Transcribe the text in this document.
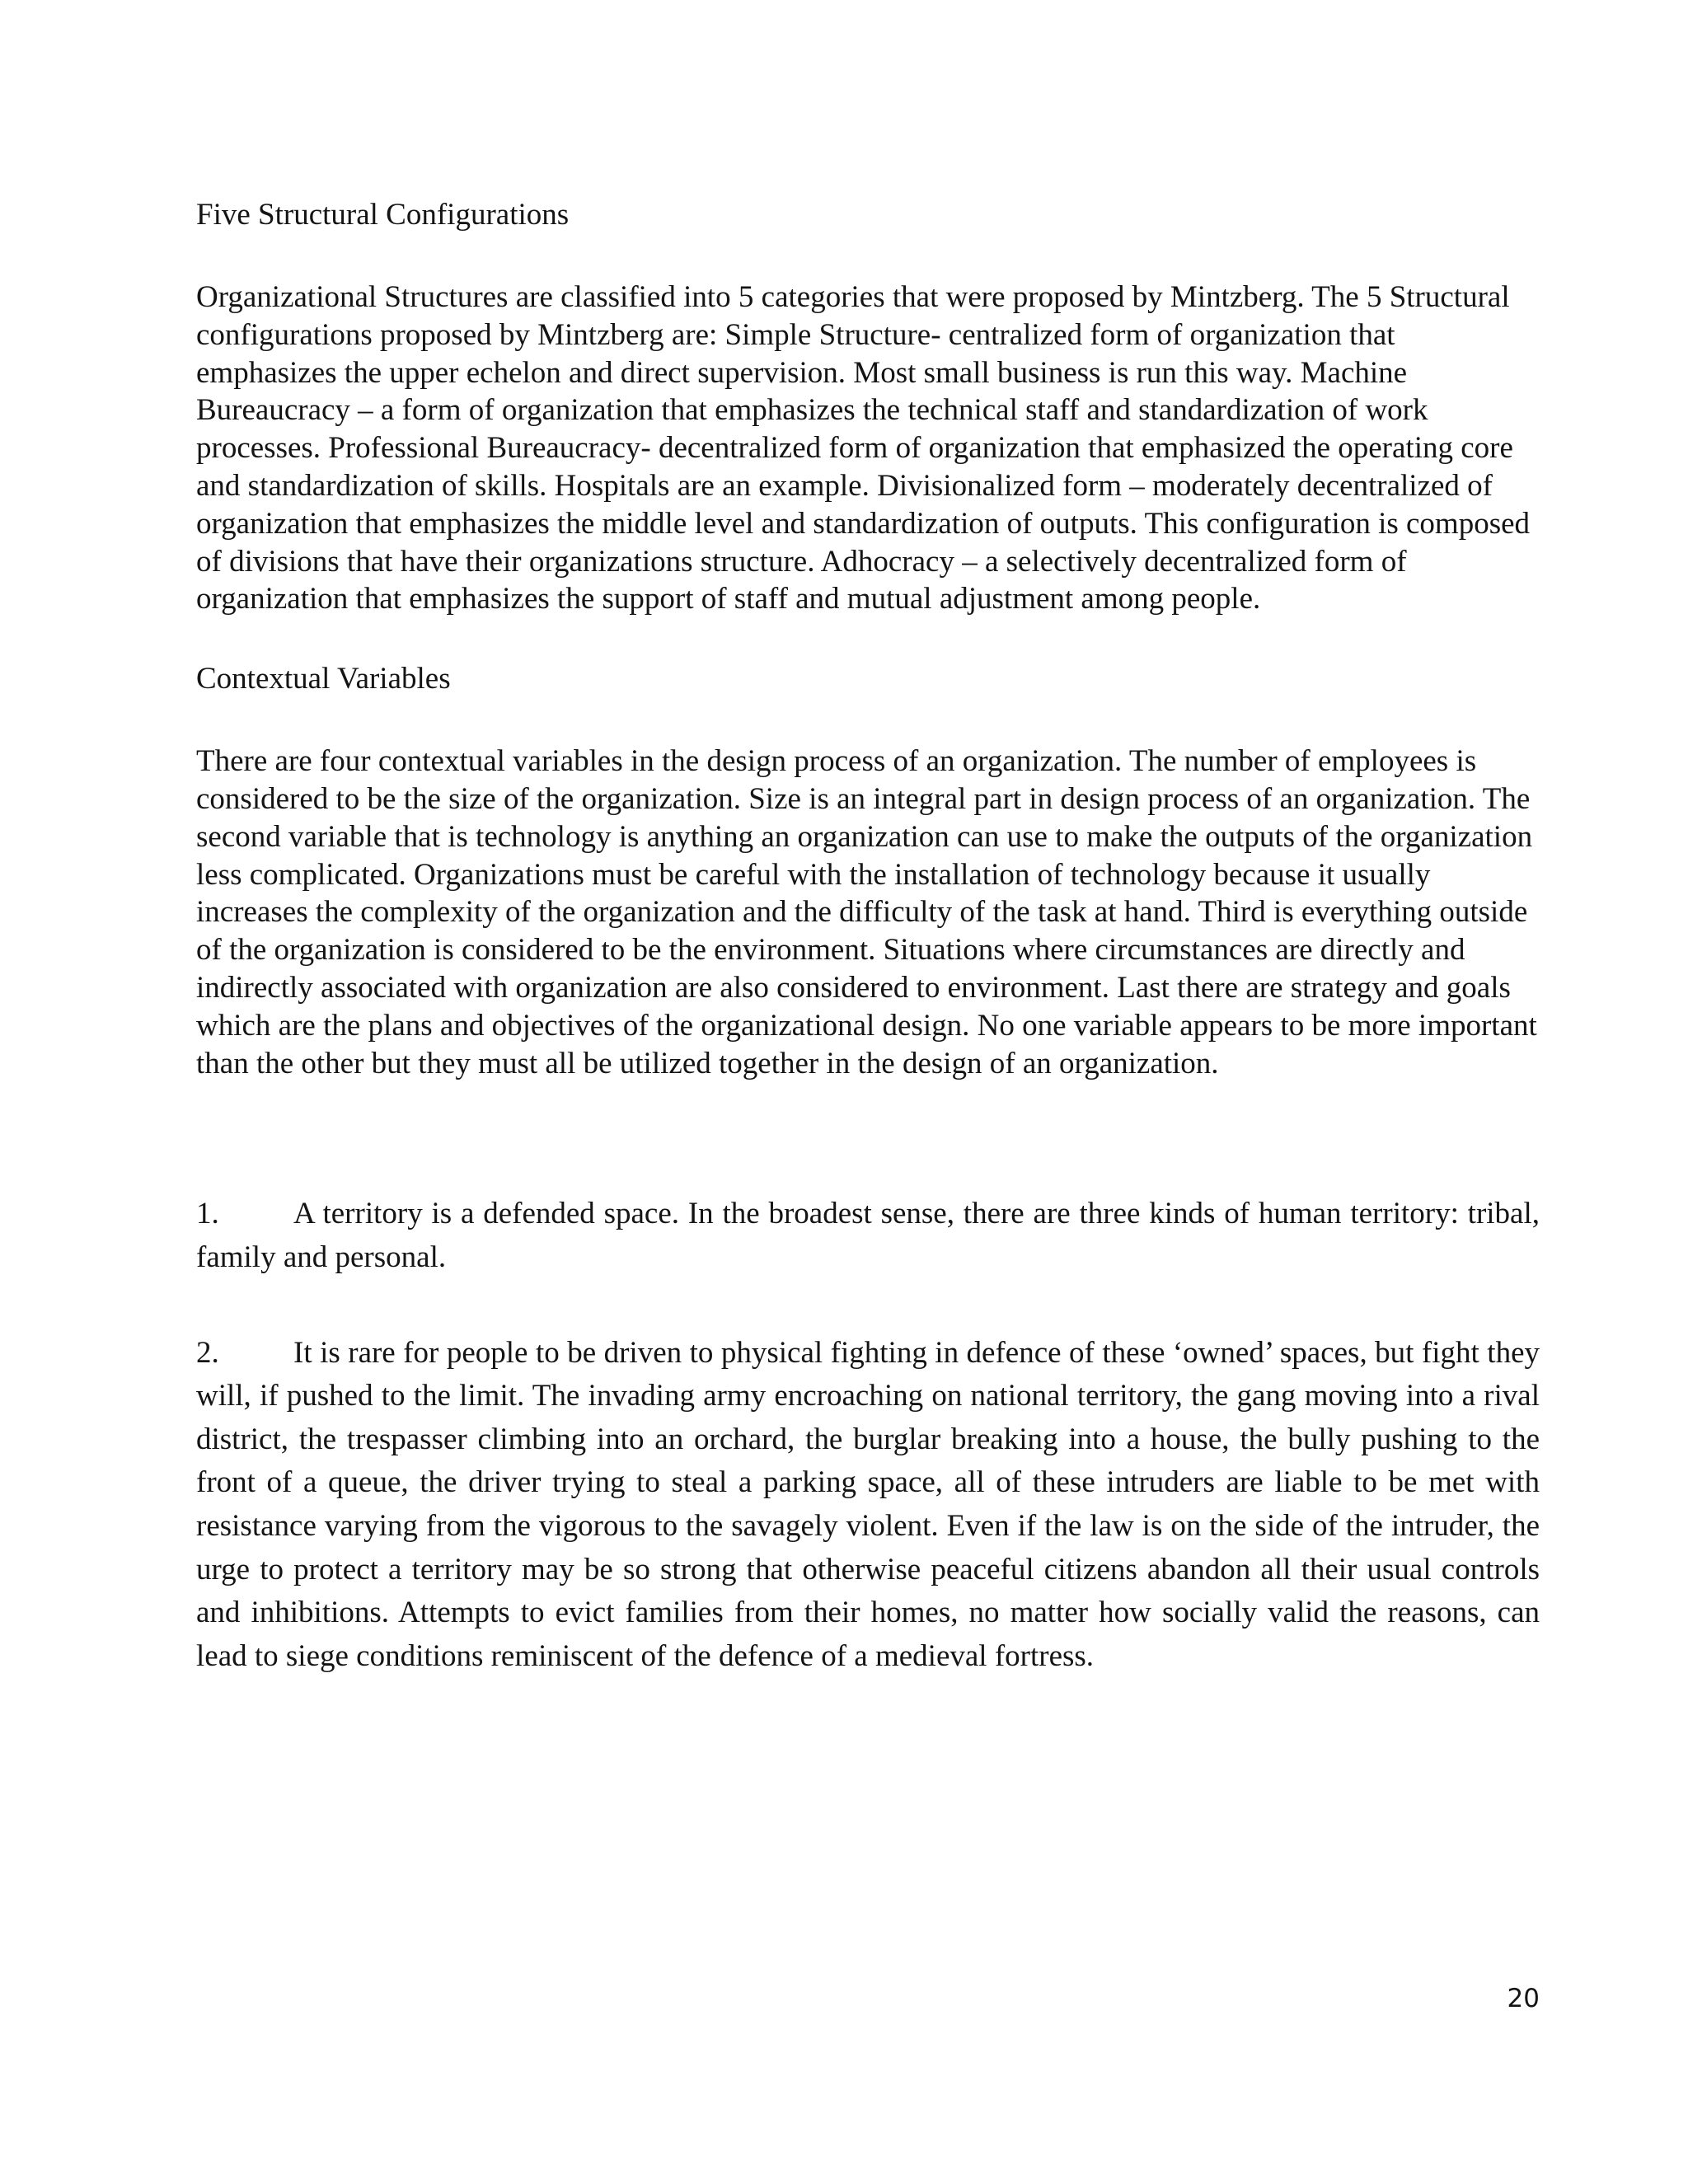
Five Structural Configurations

Organizational Structures are classified into 5 categories that were proposed by Mintzberg. The 5 Structural configurations proposed by Mintzberg are: Simple Structure- centralized form of organization that emphasizes the upper echelon and direct supervision. Most small business is run this way. Machine Bureaucracy – a form of organization that emphasizes the technical staff and standardization of work processes. Professional Bureaucracy- decentralized form of organization that emphasized the operating core and standardization of skills. Hospitals are an example. Divisionalized form – moderately decentralized of organization that emphasizes the middle level and standardization of outputs. This configuration is composed of divisions that have their organizations structure. Adhocracy – a selectively decentralized form of organization that emphasizes the support of staff and mutual adjustment among people.

Contextual Variables

There are four contextual variables in the design process of an organization. The number of employees is considered to be the size of the organization. Size is an integral part in design process of an organization. The second variable that is technology is anything an organization can use to make the outputs of the organization less complicated. Organizations must be careful with the installation of technology because it usually increases the complexity of the organization and the difficulty of the task at hand. Third is everything outside of the organization is considered to be the environment. Situations where circumstances are directly and indirectly associated with organization are also considered to environment. Last there are strategy and goals which are the plans and objectives of the organizational design. No one variable appears to be more important than the other but they must all be utilized together in the design of an organization.

1. A territory is a defended space. In the broadest sense, there are three kinds of human territory: tribal, family and personal.

2. It is rare for people to be driven to physical fighting in defence of these ‘owned’ spaces, but fight they will, if pushed to the limit. The invading army encroaching on national territory, the gang moving into a rival district, the trespasser climbing into an orchard, the burglar breaking into a house, the bully pushing to the front of a queue, the driver trying to steal a parking space, all of these intruders are liable to be met with resistance varying from the vigorous to the savagely violent. Even if the law is on the side of the intruder, the urge to protect a territory may be so strong that otherwise peaceful citizens abandon all their usual controls and inhibitions. Attempts to evict families from their homes, no matter how socially valid the reasons, can lead to siege conditions reminiscent of the defence of a medieval fortress.

20
